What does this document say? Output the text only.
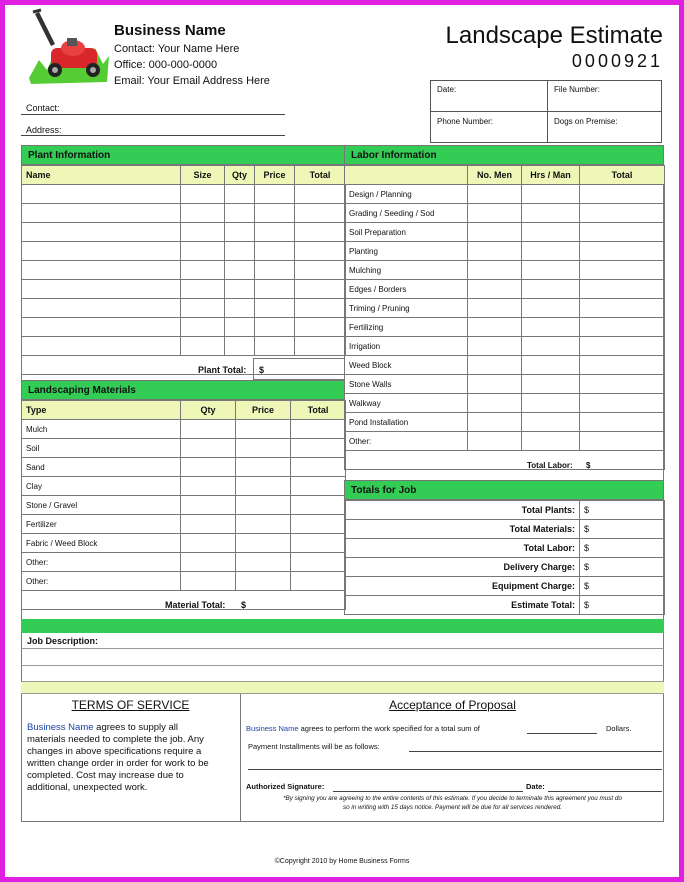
Business Name
Contact: Your Name Here
Office: 000-000-0000
Email: Your Email Address Here
Landscape Estimate
0000921
Contact:
Address:
Date:	File Number:
Phone Number:	Dogs on Premise:
Plant Information
Name	Size	Qty	Price	Total

Plant Total: $
Landscaping Materials
Type	Qty	Price	Total
Mulch			
Soil			
Sand			
Clay			
Stone / Gravel			
Fertilizer			
Fabric / Weed Block			
Other:			
Other:			

Material Total: $
Labor Information
	No. Men	Hrs / Man	Total
Design / Planning			
Grading / Seeding / Sod			
Soil Preparation			
Planting			
Mulching			
Edges / Borders			
Triming / Pruning			
Fertilizing			
Irrigation			
Weed Block			
Stone Walls			
Walkway			
Pond Installation			
Other:			

Total Labor: $
Totals for Job
Total Plants:	$
Total Materials:	$
Total Labor:	$
Delivery Charge:	$
Equipment Charge:	$
Estimate Total:	$
Job Description:
TERMS OF SERVICE
Business Name agrees to supply all
materials needed to complete the job. Any
changes in above specifications require a
written change order in order for work to be
completed. Cost may increase due to
additional, unexpected work.
Acceptance of Proposal
Business Name agrees to perform the work specified for a total sum of	Dollars.
Payment Installments will be as follows:
Authorized Signature:	Date:
*By signing you are agreeing to the entire contents of this estimate. If you decide to terminate this agreement you must do
so in writing with 15 days notice. Payment will be due for all services rendered.
©Copyright 2010 by Home Business Forms
